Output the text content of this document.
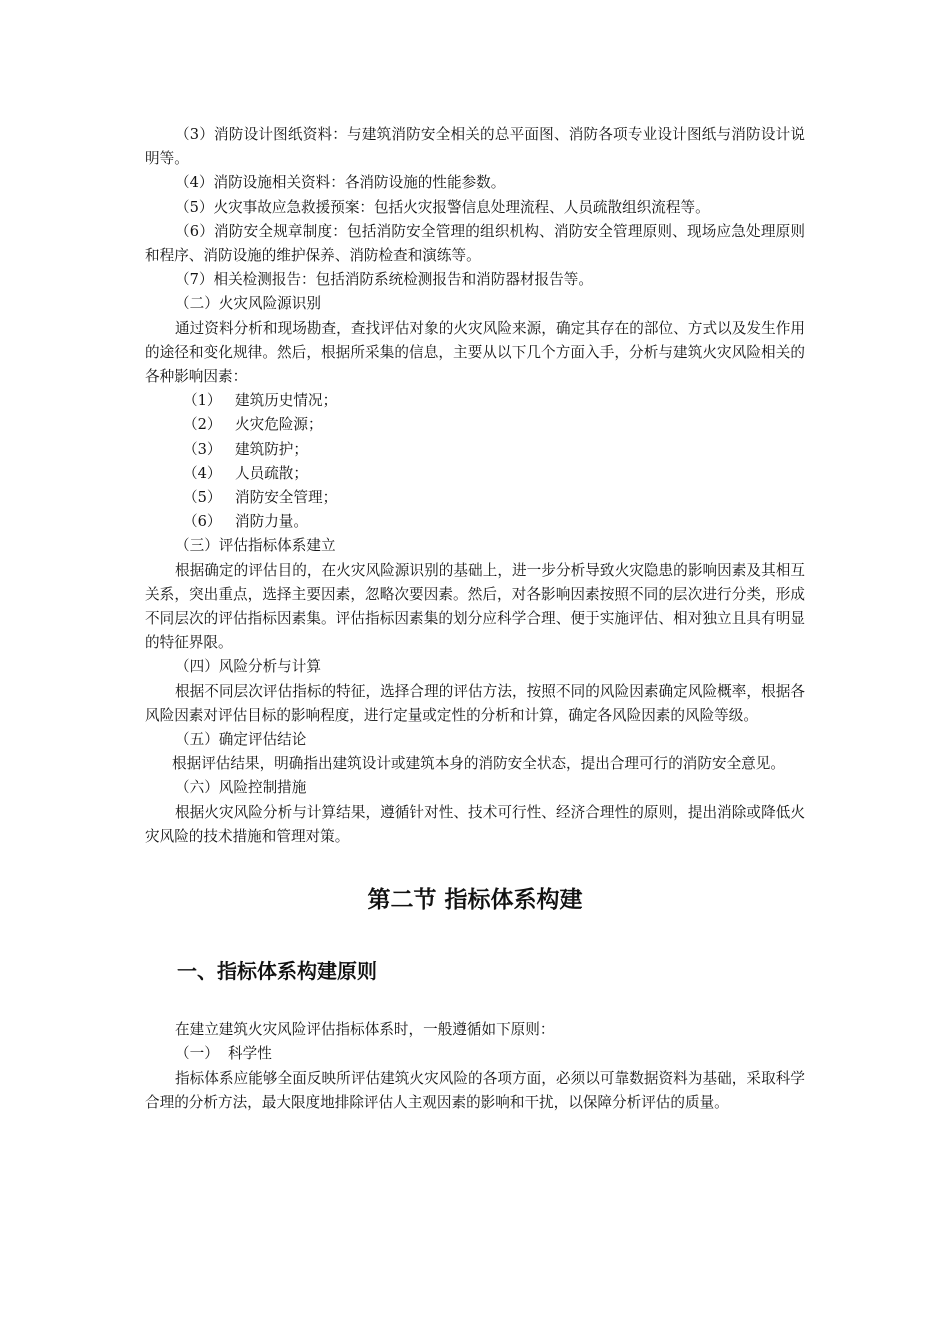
（3）消防设计图纸资料：与建筑消防安全相关的总平面图、消防各项专业设计图纸与消防设计说明等。

（4）消防设施相关资料：各消防设施的性能参数。

（5）火灾事故应急救援预案：包括火灾报警信息处理流程、人员疏散组织流程等。

（6）消防安全规章制度：包括消防安全管理的组织机构、消防安全管理原则、现场应急处理原则和程序、消防设施的维护保养、消防检查和演练等。

（7）相关检测报告：包括消防系统检测报告和消防器材报告等。

（二）火灾风险源识别

通过资料分析和现场勘查，查找评估对象的火灾风险来源，确定其存在的部位、方式以及发生作用的途径和变化规律。然后，根据所采集的信息，主要从以下几个方面入手，分析与建筑火灾风险相关的各种影响因素：

（1） 建筑历史情况；

（2） 火灾危险源；

（3） 建筑防护；

（4） 人员疏散；

（5） 消防安全管理；

（6） 消防力量。

（三）评估指标体系建立

根据确定的评估目的，在火灾风险源识别的基础上，进一步分析导致火灾隐患的影响因素及其相互关系，突出重点，选择主要因素，忽略次要因素。然后，对各影响因素按照不同的层次进行分类，形成不同层次的评估指标因素集。评估指标因素集的划分应科学合理、便于实施评估、相对独立且具有明显的特征界限。

（四）风险分析与计算

根据不同层次评估指标的特征，选择合理的评估方法，按照不同的风险因素确定风险概率，根据各风险因素对评估目标的影响程度，进行定量或定性的分析和计算，确定各风险因素的风险等级。

（五）确定评估结论

根据评估结果，明确指出建筑设计或建筑本身的消防安全状态，提出合理可行的消防安全意见。

（六）风险控制措施

根据火灾风险分析与计算结果，遵循针对性、技术可行性、经济合理性的原则，提出消除或降低火灾风险的技术措施和管理对策。

第二节 指标体系构建
一、指标体系构建原则

在建立建筑火灾风险评估指标体系时，一般遵循如下原则：

（一）  科学性

指标体系应能够全面反映所评估建筑火灾风险的各项方面，必须以可靠数据资料为基础，采取科学合理的分析方法，最大限度地排除评估人主观因素的影响和干扰，以保障分析评估的质量。
